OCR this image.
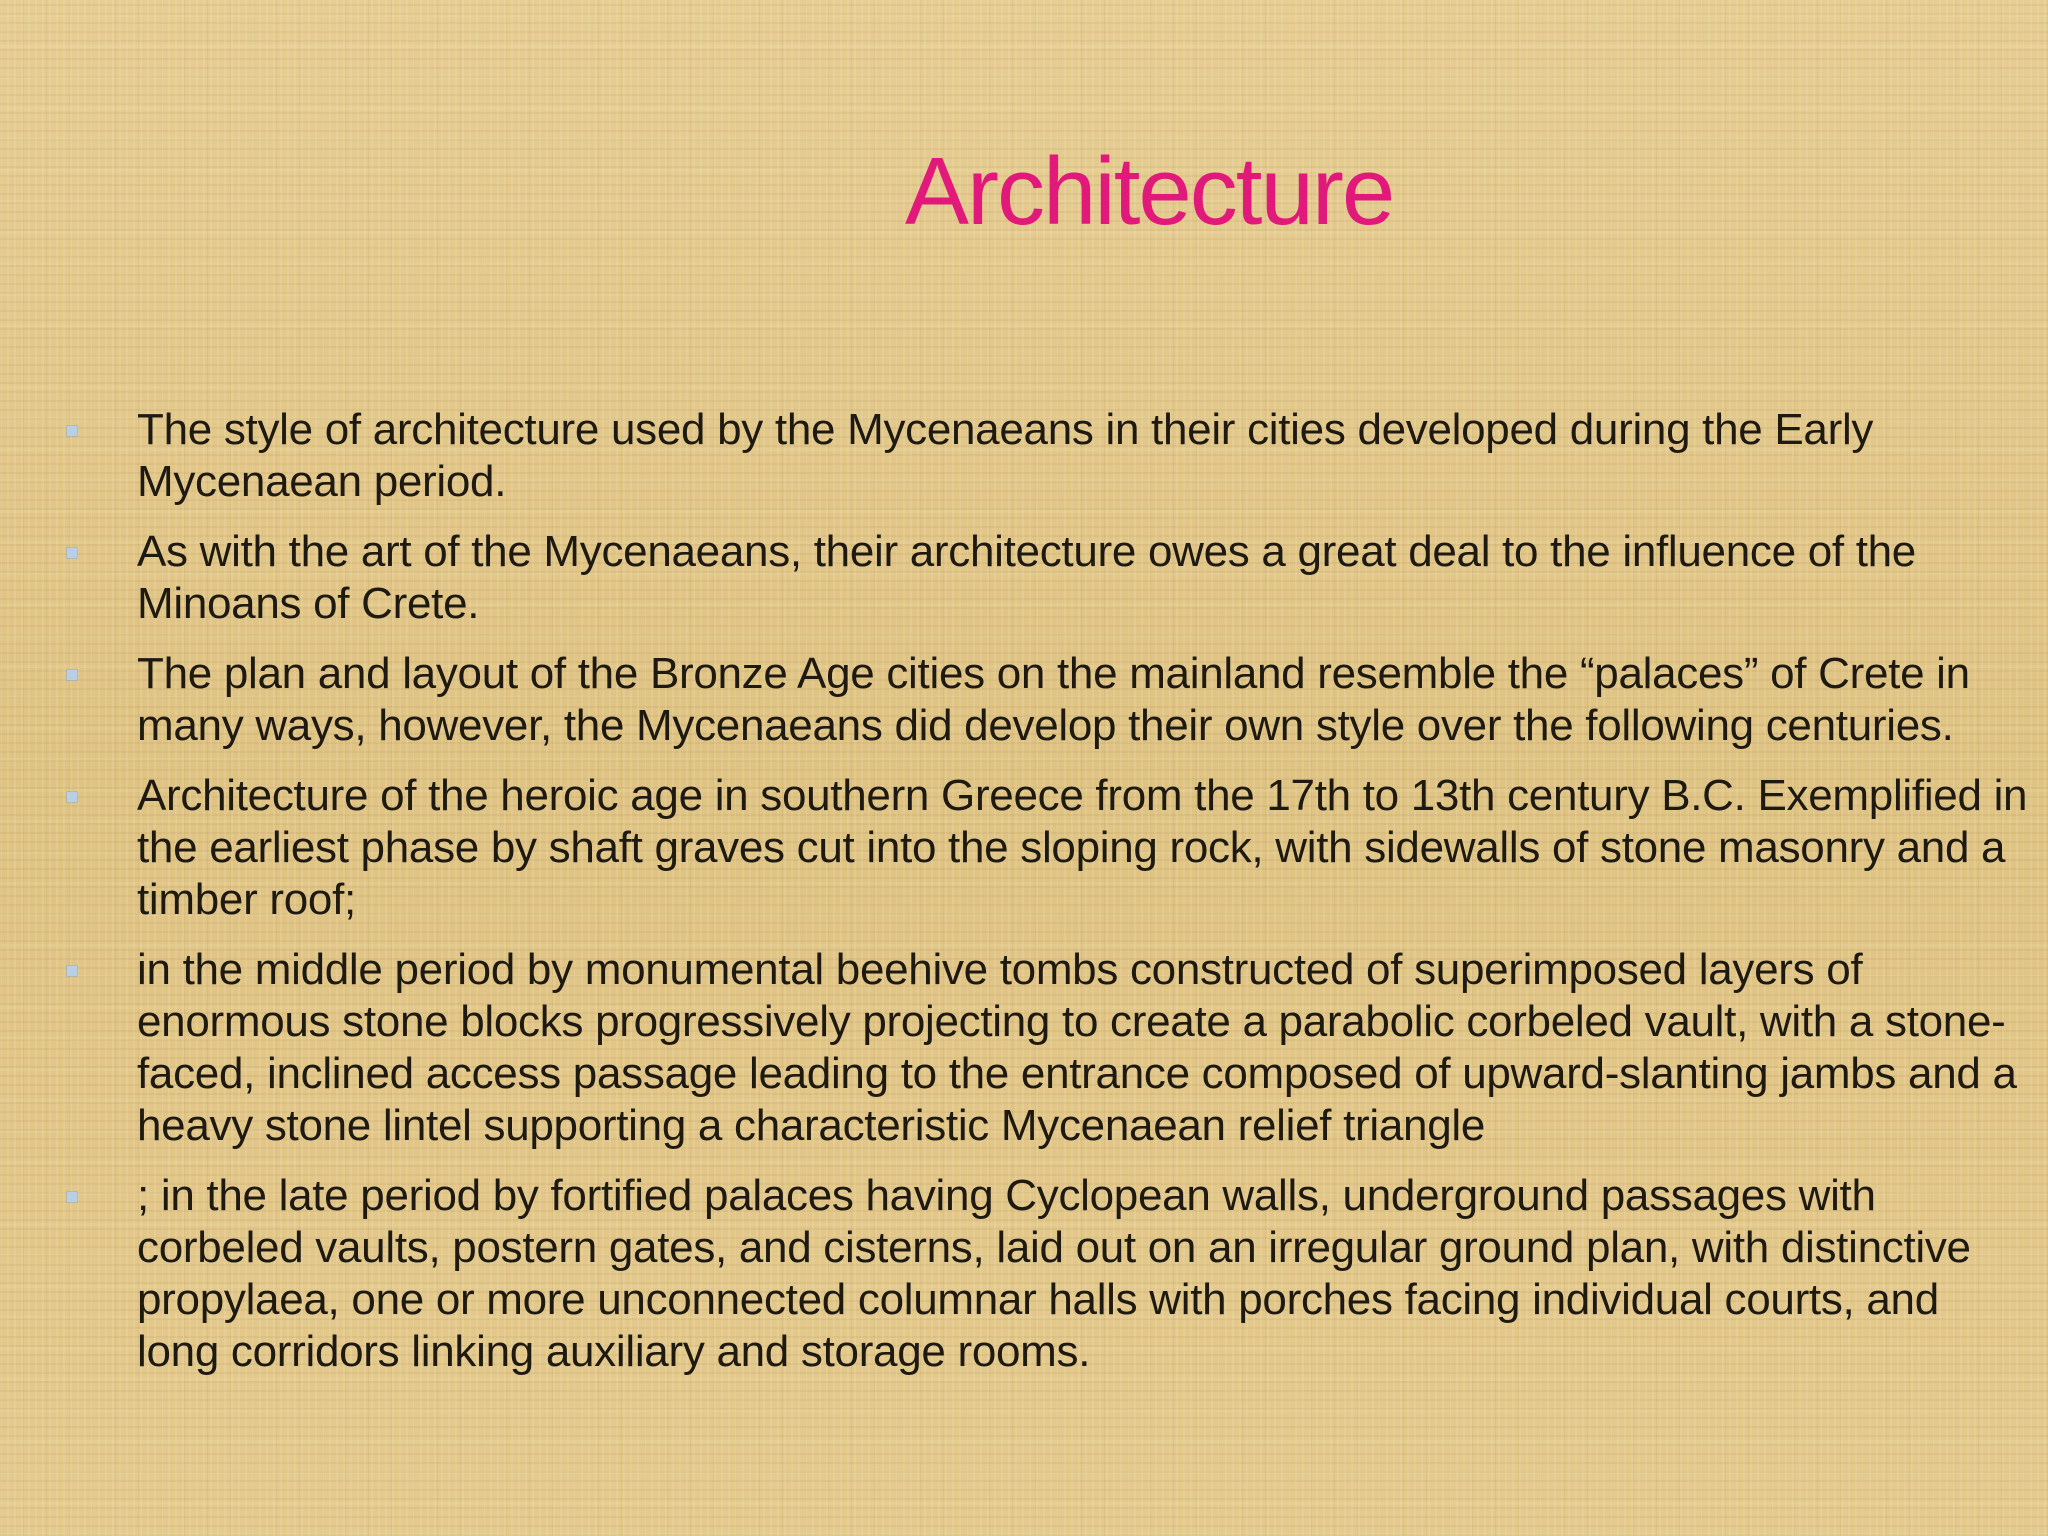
Architecture
The style of architecture used by the Mycenaeans in their cities developed during the Early Mycenaean period.
As with the art of the Mycenaeans, their architecture owes a great deal to the influence of the Minoans of Crete.
The plan and layout of the Bronze Age cities on the mainland resemble the “palaces” of Crete in many ways, however, the Mycenaeans did develop their own style over the following centuries.
Architecture of the heroic age in southern Greece from the 17th to 13th century B.C. Exemplified in the earliest phase by shaft graves cut into the sloping rock, with sidewalls of stone masonry and a timber roof;
in the middle period by monumental beehive tombs constructed of superimposed layers of enormous stone blocks progressively projecting to create a parabolic corbeled vault, with a stone-faced, inclined access passage leading to the entrance composed of upward-slanting jambs and a heavy stone lintel supporting a characteristic Mycenaean relief triangle
; in the late period by fortified palaces having Cyclopean walls, underground passages with corbeled vaults, postern gates, and cisterns, laid out on an irregular ground plan, with distinctive propylaea, one or more unconnected columnar halls with porches facing individual courts, and long corridors linking auxiliary and storage rooms.
